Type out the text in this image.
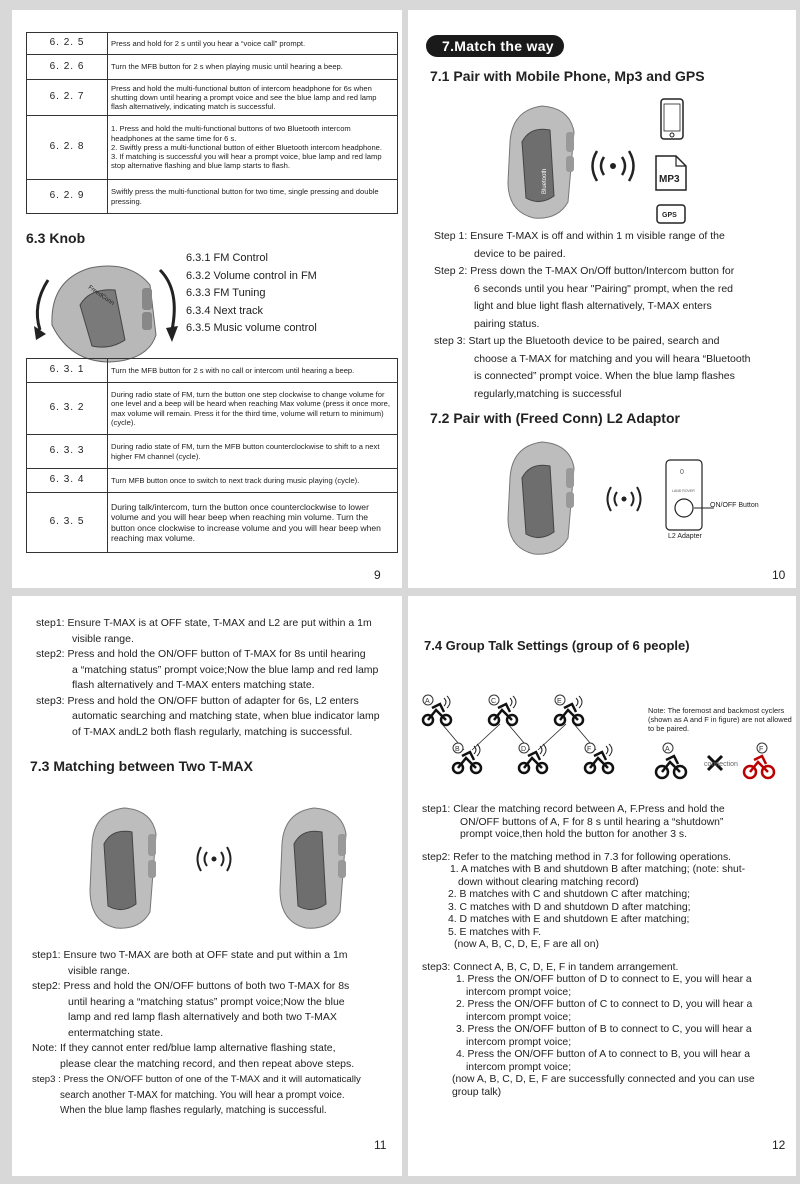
6. 2. 5	Press and hold for 2 s until you hear a “voice call” prompt.
6. 2. 6	Turn the MFB button for 2 s when playing music until hearing a beep.
6. 2. 7	Press and hold the multi-functional button of intercom headphone for 6s when shutting down until hearing a prompt voice and see the blue lamp and red lamp flash alternatively, indicating match is successful.
6. 2. 8	1. Press and hold the multi-functional buttons of two Bluetooth intercom headphones at the same time for 6 s.
2. Swiftly press a multi-functional button of either Bluetooth intercom headphone.
3. If matching is successful you will hear a prompt voice, blue lamp and red lamp stop alternative flashing and blue lamp starts to flash.

6. 2. 9	Swiftly press the multi-functional button for two time, single pressing and double pressing.
6.3 Knob
FreedConn
6.3.1 FM Control
6.3.2 Volume control in FM
6.3.3 FM Tuning
6.3.4 Next track
6.3.5 Music volume control
6. 3. 1	Turn the MFB button for 2 s with no call or intercom until hearing a beep.
6. 3. 2	During radio state of FM, turn the button one step clockwise to change volume for one level and a beep will be heard when reaching Max volume (press it once more, max volume will remain. Press it for the third time, volume will return to minimum) (cycle).
6. 3. 3	During radio state of FM, turn the MFB button counterclockwise to shift to a next higher FM channel (cycle).
6. 3. 4	Turn MFB button once to switch to next track during music playing (cycle).
6. 3. 5	During talk/intercom, turn the button once counterclockwise to lower volume and you will hear beep when reaching min volume. Turn the button once clockwise to increase volume and you will hear beep when reaching max volume.
9
7.Match the way
7.1 Pair with Mobile Phone, Mp3 and GPS
Bluetooth	MP3
GPS

Step 1: Ensure T-MAX is off and within 1 m visible range of the

device to be paired.

Step 2: Press down the T-MAX On/Off button/Intercom button for

6 seconds until you hear "Pairing" prompt, when the red

light and blue light flash alternatively, T-MAX enters

pairing status.

step 3: Start up the Bluetooth device to be paired, search and

choose a T-MAX for matching and you will heara “Bluetooth

is connected” prompt voice. When the blue lamp flashes

regularly,matching is successful

7.2 Pair with (Freed Conn) L2 Adaptor
0
LAND ROVER
ON/OFF Button
L2 Adapter
10

step1: Ensure T-MAX is at OFF state, T-MAX and L2 are put within a 1m

visible range.

step2: Press and hold the ON/OFF button of T-MAX for 8s until hearing

a “matching status” prompt voice;Now the blue lamp and red lamp

flash alternatively and T-MAX enters matching state.

step3: Press and hold the ON/OFF button of adapter for 6s, L2 enters

automatic searching and matching state, when blue indicator lamp

of T-MAX andL2 both flash regularly, matching is successful.

7.3 Matching between Two T-MAX

step1: Ensure two T-MAX are both at OFF state and put within a 1m

visible range.

step2: Press and hold the ON/OFF buttons of both two T-MAX for 8s

until hearing a “matching status” prompt voice;Now the blue

lamp and red lamp flash alternatively and both two T-MAX

entermatching state.

Note: If they cannot enter red/blue lamp alternative flashing state,

please clear the matching record, and then repeat above steps.

step3 : Press the ON/OFF button of one of the T-MAX and it will automatically

search another T-MAX for matching. You will hear a prompt voice.

When the blue lamp flashes regularly, matching is successful.

11
7.4 Group Talk Settings (group of 6 people)
A	C	E
B	D	F
Note: The foremost and backmost cyclers (shown as A and F in figure) are not allowed to be paired.
A
connection
F

step1: Clear the matching record between A, F.Press and hold the

ON/OFF buttons of A, F for 8 s until hearing a “shutdown”

prompt voice,then hold the button for another 3 s.

step2: Refer to the matching method in 7.3 for following operations.

1. A matches with B and shutdown B after matching; (note: shut-

down without clearing matching record)

2. B matches with C and shutdown C after matching;

3. C matches with D and shutdown D after matching;

4. D matches with E and shutdown E after matching;

5. E matches with F.

(now A, B, C, D, E, F are all on)

step3: Connect A, B, C, D, E, F in tandem arrangement.

1. Press the ON/OFF button of D to connect to E, you will hear a

intercom prompt voice;

2. Press the ON/OFF button of C to connect to D, you will hear a

intercom prompt voice;

3. Press the ON/OFF button of B to connect to C, you will hear a

intercom prompt voice;

4. Press the ON/OFF button of A to connect to B, you will hear a

intercom prompt voice;

(now A, B, C, D, E, F are successfully connected and you can use

group talk)

12
